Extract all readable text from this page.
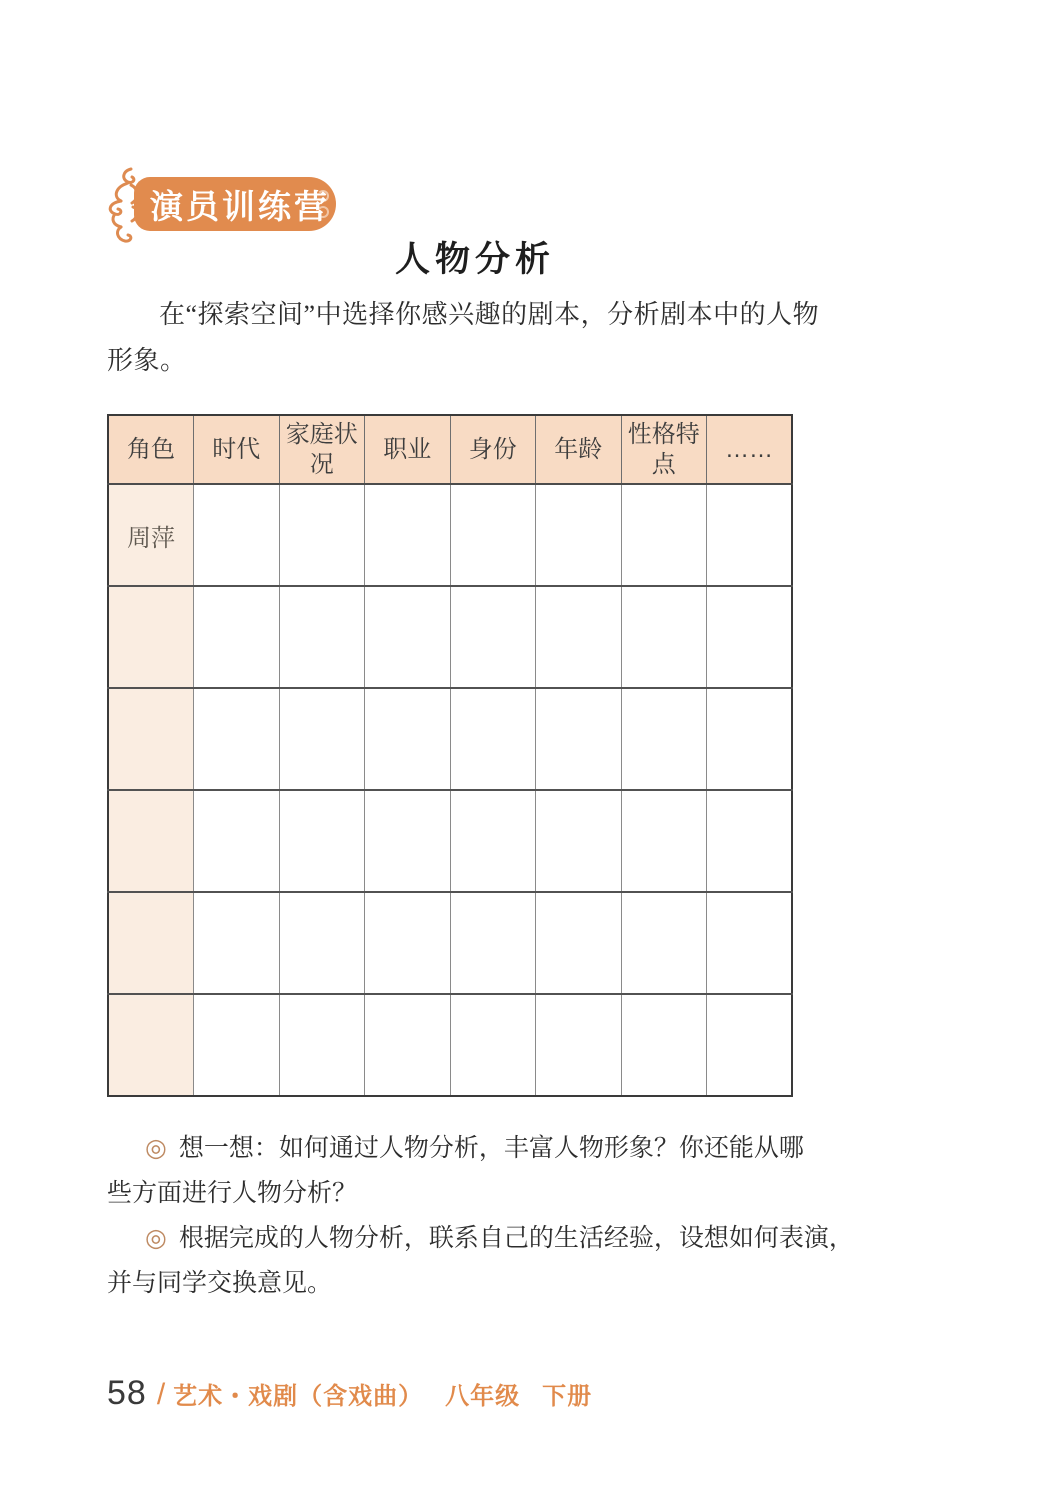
演员训练营
人物分析
在“探索空间”中选择你感兴趣的剧本，分析剧本中的人物
形象。
角色	时代	家庭状况	职业	身份	年龄	性格特点	……
周萍							

◎ 想一想：如何通过人物分析，丰富人物形象？你还能从哪
些方面进行人物分析？
◎ 根据完成的人物分析，联系自己的生活经验，设想如何表演，
并与同学交换意见。
58 / 艺术・戏剧（含戏曲） 八年级 下册
